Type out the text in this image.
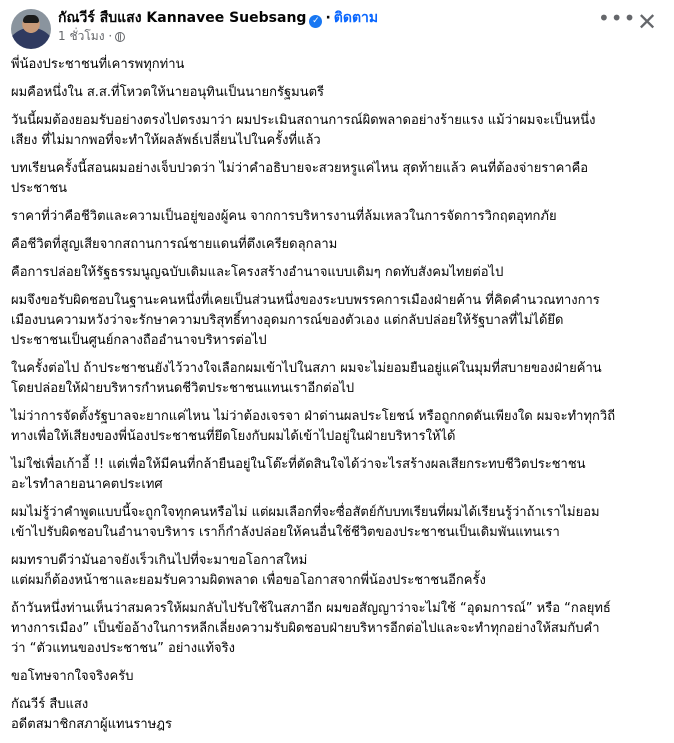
กัณวีร์ สืบแสง Kannavee Suebsang ✓ · ติดตาม
1 ชั่วโมง ·
••• ✕

พี่น้องประชาชนที่เคารพทุกท่าน

ผมคือหนึ่งใน ส.ส.ที่โหวตให้นายอนุทินเป็นนายกรัฐมนตรี

วันนี้ผมต้องยอมรับอย่างตรงไปตรงมาว่า ผมประเมินสถานการณ์ผิดพลาดอย่างร้ายแรง แม้ว่าผมจะเป็นหนึ่ง
เสียง ที่ไม่มากพอที่จะทำให้ผลลัพธ์เปลี่ยนไปในครั้งที่แล้ว

บทเรียนครั้งนี้สอนผมอย่างเจ็บปวดว่า ไม่ว่าคำอธิบายจะสวยหรูแค่ไหน สุดท้ายแล้ว คนที่ต้องจ่ายราคาคือ
ประชาชน

ราคาที่ว่าคือชีวิตและความเป็นอยู่ของผู้คน จากการบริหารงานที่ล้มเหลวในการจัดการวิกฤตอุทกภัย

คือชีวิตที่สูญเสียจากสถานการณ์ชายแดนที่ตึงเครียดลุกลาม

คือการปล่อยให้รัฐธรรมนูญฉบับเดิมและโครงสร้างอำนาจแบบเดิมๆ กดทับสังคมไทยต่อไป

ผมจึงขอรับผิดชอบในฐานะคนหนึ่งที่เคยเป็นส่วนหนึ่งของระบบพรรคการเมืองฝ่ายค้าน ที่คิดคำนวณทางการ
เมืองบนความหวังว่าจะรักษาความบริสุทธิ์ทางอุดมการณ์ของตัวเอง แต่กลับปล่อยให้รัฐบาลที่ไม่ได้ยึด
ประชาชนเป็นศูนย์กลางถืออำนาจบริหารต่อไป

ในครั้งต่อไป ถ้าประชาชนยังไว้วางใจเลือกผมเข้าไปในสภา ผมจะไม่ยอมยืนอยู่แค่ในมุมที่สบายของฝ่ายค้าน
โดยปล่อยให้ฝ่ายบริหารกำหนดชีวิตประชาชนแทนเราอีกต่อไป

ไม่ว่าการจัดตั้งรัฐบาลจะยากแค่ไหน ไม่ว่าต้องเจรจา ฝ่าด่านผลประโยชน์ หรือถูกกดดันเพียงใด ผมจะทำทุกวิถี
ทางเพื่อให้เสียงของพี่น้องประชาชนที่ยึดโยงกับผมได้เข้าไปอยู่ในฝ่ายบริหารให้ได้

ไม่ใช่เพื่อเก้าอี้ !! แต่เพื่อให้มีคนที่กล้ายืนอยู่ในโต๊ะที่ตัดสินใจได้ว่าจะไรสร้างผลเสียกระทบชีวิตประชาชน
อะไรทำลายอนาคตประเทศ

ผมไม่รู้ว่าคำพูดแบบนี้จะถูกใจทุกคนหรือไม่ แต่ผมเลือกที่จะซื่อสัตย์กับบทเรียนที่ผมได้เรียนรู้ว่าถ้าเราไม่ยอม
เข้าไปรับผิดชอบในอำนาจบริหาร เราก็กำลังปล่อยให้คนอื่นใช้ชีวิตของประชาชนเป็นเดิมพันแทนเรา

ผมทราบดีว่ามันอาจยังเร็วเกินไปที่จะมาขอโอกาสใหม่
แต่ผมก็ต้องหน้าชาและยอมรับความผิดพลาด เพื่อขอโอกาสจากพี่น้องประชาชนอีกครั้ง

ถ้าวันหนึ่งท่านเห็นว่าสมควรให้ผมกลับไปรับใช้ในสภาอีก ผมขอสัญญาว่าจะไม่ใช้ “อุดมการณ์” หรือ “กลยุทธ์
ทางการเมือง” เป็นข้ออ้างในการหลีกเลี่ยงความรับผิดชอบฝ่ายบริหารอีกต่อไปและจะทำทุกอย่างให้สมกับคำ
ว่า “ตัวแทนของประชาชน” อย่างแท้จริง

ขอโทษจากใจจริงครับ

กัณวีร์ สืบแสง
อดีตสมาชิกสภาผู้แทนราษฎร
